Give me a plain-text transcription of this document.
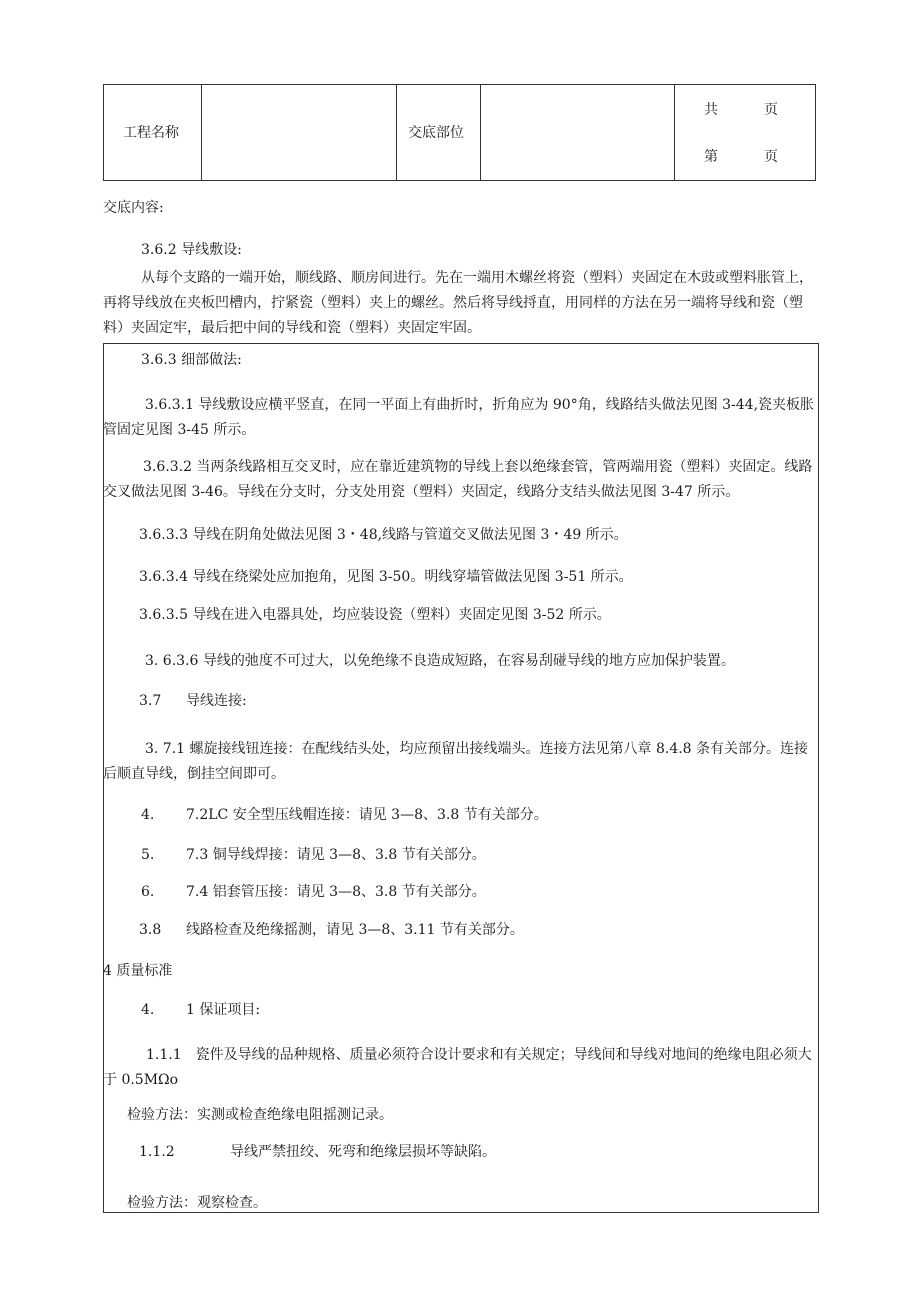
工程名称	交底部位
共	页
第	页
交底内容:
3.6.2 导线敷设:
从每个支路的一端开始，顺线路、顺房间进行。先在一端用木螺丝将瓷（塑料）夹固定在木豉或塑料胀管上，再将导线放在夹板凹槽内，拧紧瓷（塑料）夹上的螺丝。然后将导线捋直，用同样的方法在另一端将导线和瓷（塑料）夹固定牢，最后把中间的导线和瓷（塑料）夹固定牢固。
3.6.3 细部做法:
3.6.3.1 导线敷设应横平竖直，在同一平面上有曲折时，折角应为 90°角，线路结头做法见图 3-44,瓷夹板胀管固定见图 3-45 所示。
3.6.3.2 当两条线路相互交叉时，应在靠近建筑物的导线上套以绝缘套管，管两端用瓷（塑料）夹固定。线路交叉做法见图 3-46。导线在分支时，分支处用瓷（塑料）夹固定，线路分支结头做法见图 3-47 所示。
3.6.3.3 导线在阴角处做法见图 3・48,线路与管道交叉做法见图 3・49 所示。
3.6.3.4 导线在绕梁处应加抱角，见图 3-50。明线穿墙管做法见图 3-51 所示。
3.6.3.5 导线在进入电器具处，均应装设瓷（塑料）夹固定见图 3-52 所示。
3. 6.3.6 导线的弛度不可过大，以免绝缘不良造成短路，在容易刮碰导线的地方应加保护装置。
3.7 导线连接:
3. 7.1 螺旋接线钮连接：在配线结头处，均应预留出接线端头。连接方法见第八章 8.4.8 条有关部分。连接后顺直导线，倒挂空间即可。
4. 7.2LC 安全型压线帽连接：请见 3—8、3.8 节有关部分。
5. 7.3 铜导线焊接：请见 3—8、3.8 节有关部分。
6. 7.4 铝套管压接：请见 3—8、3.8 节有关部分。
3.8 线路检查及绝缘摇测，请见 3—8、3.11 节有关部分。
4 质量标准
4. 1 保证项目:
1.1.1　瓷件及导线的品种规格、质量必须符合设计要求和有关规定；导线间和导线对地间的绝缘电阻必须大于 0.5MΩo
检验方法：实测或检查绝缘电阻摇测记录。
1.1.2	导线严禁扭绞、死弯和绝缘层损坏等缺陷。
检验方法：观察检查。
